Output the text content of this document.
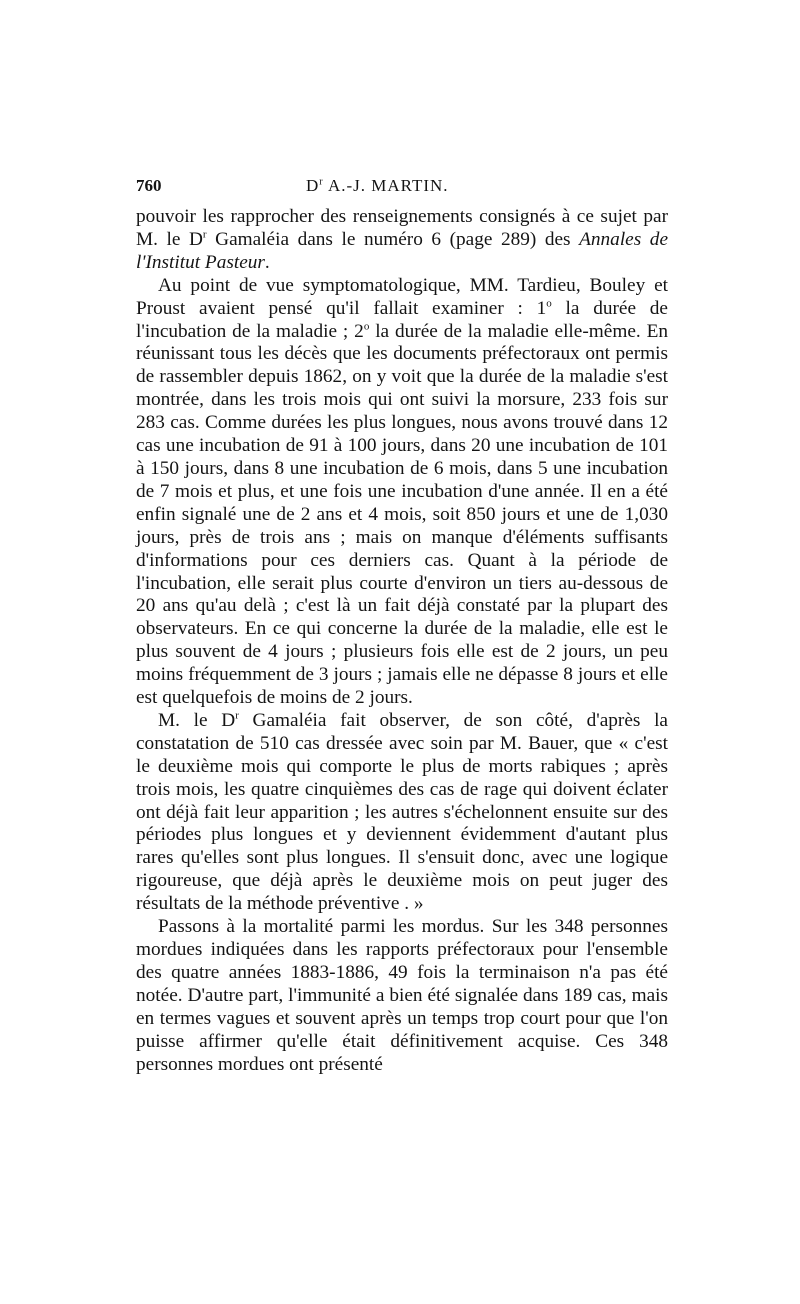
760	$D^r$ A.-J. MARTIN.

pouvoir les rapprocher des renseignements consignés à ce sujet par M. le $D^r$ Gamaléia dans le numéro 6 (page 289) des Annales de l'Institut Pasteur.

Au point de vue symptomatologique, MM. Tardieu, Bouley et Proust avaient pensé qu'il fallait examiner : 1$^o$ la durée de l'incubation de la maladie ; 2$^o$ la durée de la maladie elle-même. En réunissant tous les décès que les documents préfectoraux ont permis de rassembler depuis 1862, on y voit que la durée de la maladie s'est montrée, dans les trois mois qui ont suivi la morsure, 233 fois sur 283 cas. Comme durées les plus longues, nous avons trouvé dans 12 cas une incubation de 91 à 100 jours, dans 20 une incubation de 101 à 150 jours, dans 8 une incubation de 6 mois, dans 5 une incubation de 7 mois et plus, et une fois une incubation d'une année. Il en a été enfin signalé une de 2 ans et 4 mois, soit 850 jours et une de 1,030 jours, près de trois ans ; mais on manque d'éléments suffisants d'informations pour ces derniers cas. Quant à la période de l'incubation, elle serait plus courte d'environ un tiers au-dessous de 20 ans qu'au delà ; c'est là un fait déjà constaté par la plupart des observateurs. En ce qui concerne la durée de la maladie, elle est le plus souvent de 4 jours ; plusieurs fois elle est de 2 jours, un peu moins fréquemment de 3 jours ; jamais elle ne dépasse 8 jours et elle est quelquefois de moins de 2 jours.

M. le $D^r$ Gamaléia fait observer, de son côté, d'après la constatation de 510 cas dressée avec soin par M. Bauer, que « c'est le deuxième mois qui comporte le plus de morts rabiques ; après trois mois, les quatre cinquièmes des cas de rage qui doivent éclater ont déjà fait leur apparition ; les autres s'échelonnent ensuite sur des périodes plus longues et y deviennent évidemment d'autant plus rares qu'elles sont plus longues. Il s'ensuit donc, avec une logique rigoureuse, que déjà après le deuxième mois on peut juger des résultats de la méthode préventive . »

Passons à la mortalité parmi les mordus. Sur les 348 personnes mordues indiquées dans les rapports préfectoraux pour l'ensemble des quatre années 1883-1886, 49 fois la terminaison n'a pas été notée. D'autre part, l'immunité a bien été signalée dans 189 cas, mais en termes vagues et souvent après un temps trop court pour que l'on puisse affirmer qu'elle était définitivement acquise. Ces 348 personnes mordues ont présenté
